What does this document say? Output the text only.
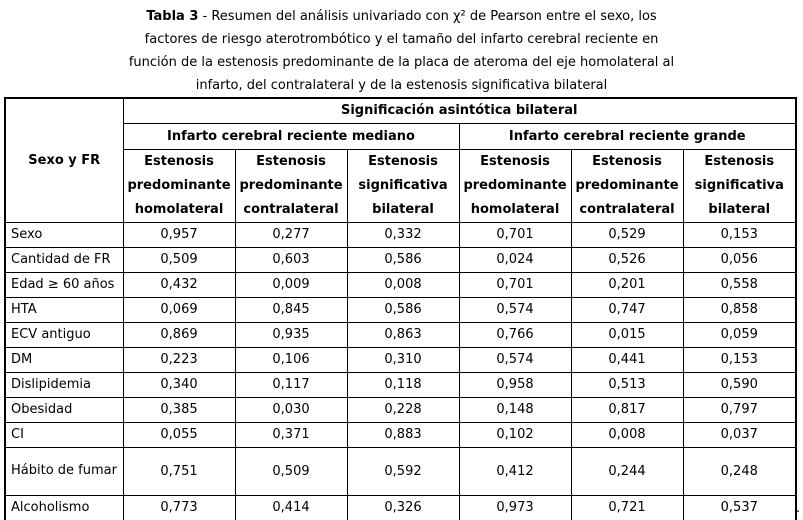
Tabla 3 - Resumen del análisis univariado con χ² de Pearson entre el sexo, los
factores de riesgo aterotrombótico y el tamaño del infarto cerebral reciente en
función de la estenosis predominante de la placa de ateroma del eje homolateral al
infarto, del contralateral y de la estenosis significativa bilateral
Sexo y FR	Significación asintótica bilateral					
	Infarto cerebral reciente mediano			Infarto cerebral reciente grande		

	Estenosis
predominante
homolateral	Estenosis
predominante
contralateral	Estenosis
significativa
bilateral	Estenosis
predominante
homolateral	Estenosis
predominante
contralateral	Estenosis
significativa
bilateral

Sexo	0,957	0,277	0,332	0,701	0,529	0,153
Cantidad de FR	0,509	0,603	0,586	0,024	0,526	0,056
Edad ≥ 60 años	0,432	0,009	0,008	0,701	0,201	0,558
HTA	0,069	0,845	0,586	0,574	0,747	0,858
ECV antiguo	0,869	0,935	0,863	0,766	0,015	0,059
DM	0,223	0,106	0,310	0,574	0,441	0,153
Dislipidemia	0,340	0,117	0,118	0,958	0,513	0,590
Obesidad	0,385	0,030	0,228	0,148	0,817	0,797
CI	0,055	0,371	0,883	0,102	0,008	0,037
Hábito de fumar	0,751	0,509	0,592	0,412	0,244	0,248
Alcoholismo	0,773	0,414	0,326	0,973	0,721	0,537	.
